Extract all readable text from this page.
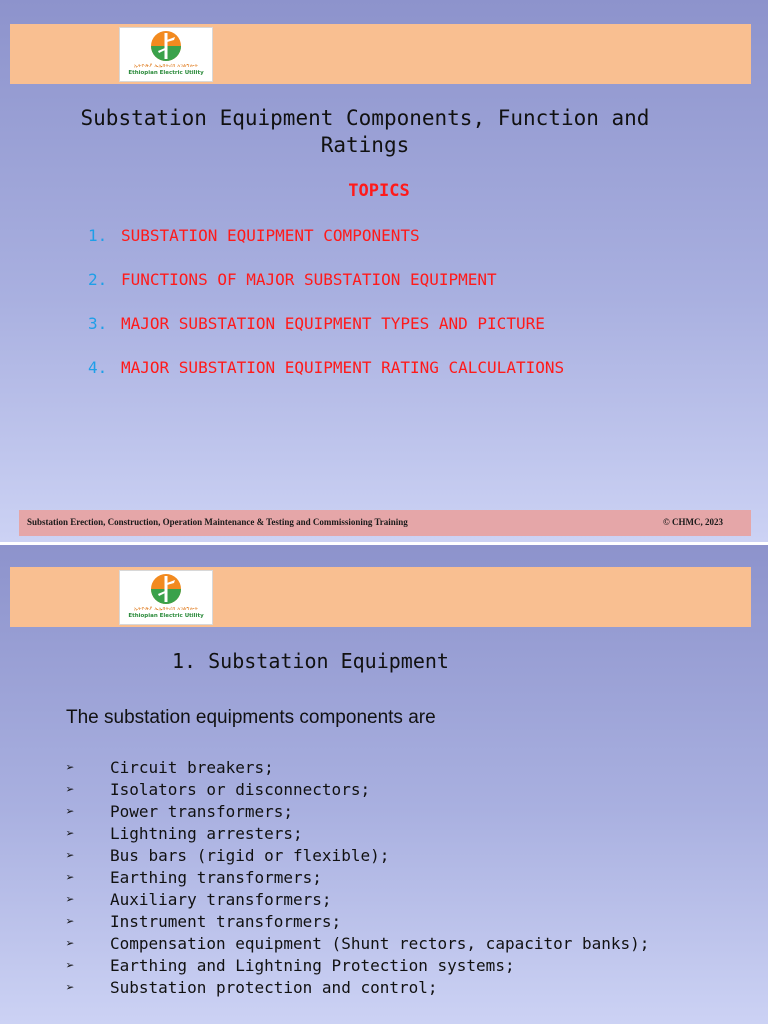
ኢትዮጵያ ኤሌክትሪክ አገልግሎት
Ethiopian Electric Utility
Substation Equipment Components, Function and
Ratings
TOPICS
1. SUBSTATION EQUIPMENT COMPONENTS
2. FUNCTIONS OF MAJOR SUBSTATION EQUIPMENT
3. MAJOR SUBSTATION EQUIPMENT TYPES AND PICTURE
4. MAJOR SUBSTATION EQUIPMENT RATING CALCULATIONS
Substation Erection, Construction, Operation Maintenance & Testing and Commissioning Training	© CHMC, 2023
ኢትዮጵያ ኤሌክትሪክ አገልግሎት
Ethiopian Electric Utility
1. Substation Equipment
The substation equipments components are
➢ Circuit breakers;
➢ Isolators or disconnectors;
➢ Power transformers;
➢ Lightning arresters;
➢ Bus bars (rigid or flexible);
➢ Earthing transformers;
➢ Auxiliary transformers;
➢ Instrument transformers;
➢ Compensation equipment (Shunt rectors, capacitor banks);
➢ Earthing and Lightning Protection systems;
➢ Substation protection and control;
